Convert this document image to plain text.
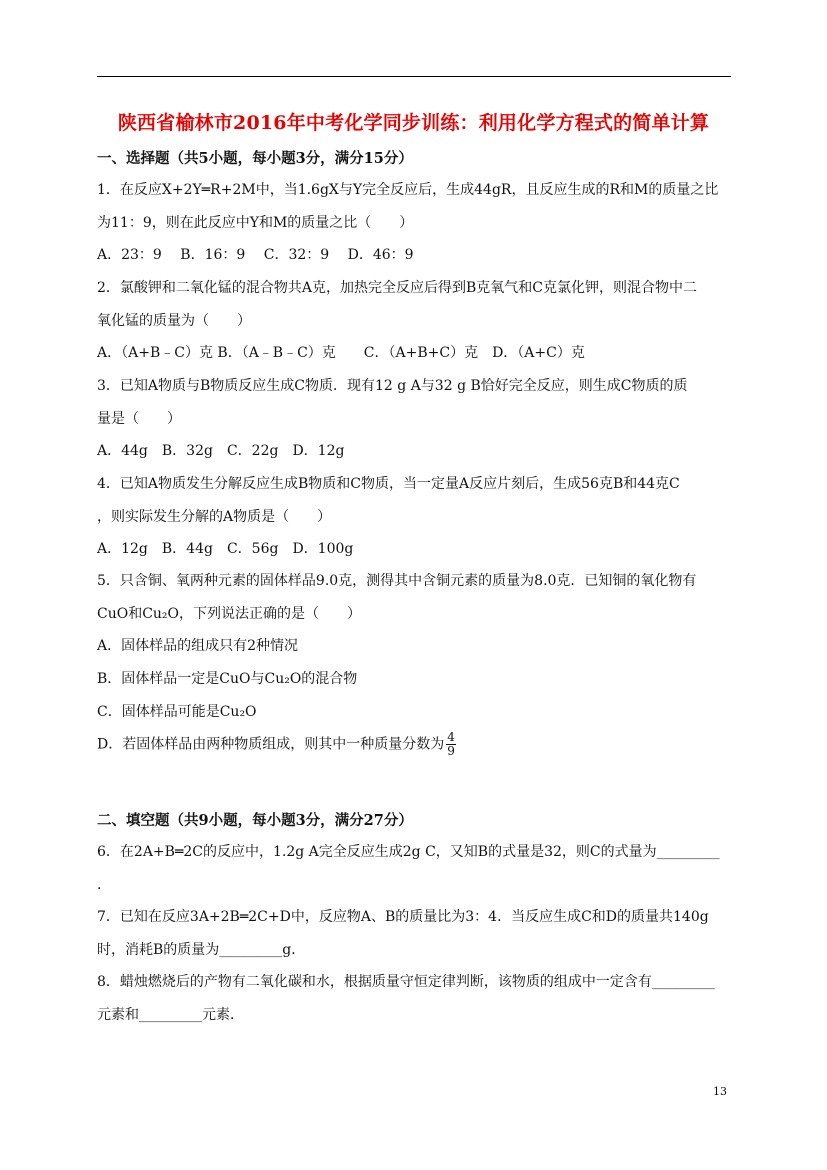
陕西省榆林市2016年中考化学同步训练：利用化学方程式的简单计算
一、选择题（共5小题，每小题3分，满分15分）
1．在反应X+2Y═R+2M中，当1.6gX与Y完全反应后，生成44gR，且反应生成的R和M的质量之比
为11：9，则在此反应中Y和M的质量之比（　　）
A．23：9　 B．16：9　 C．32：9　 D．46：9
2．氯酸钾和二氧化锰的混合物共A克，加热完全反应后得到B克氧气和C克氯化钾，则混合物中二
氧化锰的质量为（　　）
A．（A+B﹣C）克 B．（A﹣B﹣C）克　　C．（A+B+C）克　D．（A+C）克
3．已知A物质与B物质反应生成C物质．现有12 g A与32 g B恰好完全反应，则生成C物质的质
量是（　　）
A．44g　B．32g　C．22g　D．12g
4．已知A物质发生分解反应生成B物质和C物质，当一定量A反应片刻后，生成56克B和44克C
，则实际发生分解的A物质是（　　）
A．12g　B．44g　C．56g　D．100g
5．只含铜、氧两种元素的固体样品9.0克，测得其中含铜元素的质量为8.0克．已知铜的氧化物有
CuO和Cu₂O，下列说法正确的是（　　）
A．固体样品的组成只有2种情况
B．固体样品一定是CuO与Cu₂O的混合物
C．固体样品可能是Cu₂O
D．若固体样品由两种物质组成，则其中一种质量分数为 $\frac{4}{9}$
二、填空题（共9小题，每小题3分，满分27分）
6．在2A+B═2C的反应中，1.2g A完全反应生成2g C，又知B的式量是32，则C的式量为_________
．
7．已知在反应3A+2B═2C+D中，反应物A、B的质量比为3：4．当反应生成C和D的质量共140g
时，消耗B的质量为_________g．
8．蜡烛燃烧后的产物有二氧化碳和水，根据质量守恒定律判断，该物质的组成中一定含有_________
元素和_________元素．
13
